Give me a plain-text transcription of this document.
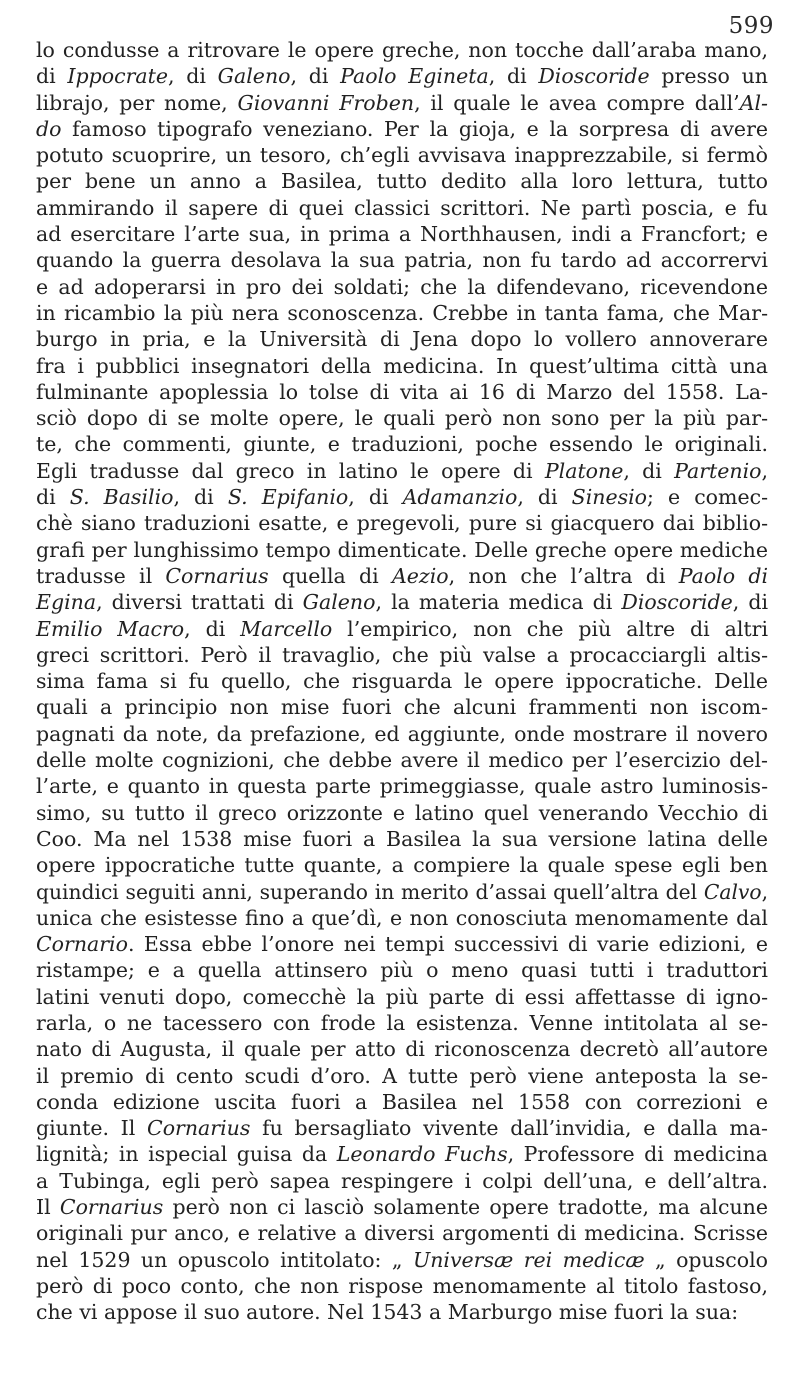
599
lo condusse a ritrovare le opere greche, non tocche dall’araba mano,
di Ippocrate, di Galeno, di Paolo Egineta, di Dioscoride presso un
librajo, per nome, Giovanni Froben, il quale le avea compre dall’Al-
do famoso tipografo veneziano. Per la gioja, e la sorpresa di avere
potuto scuoprire, un tesoro, ch’egli avvisava inapprezzabile, si fermò
per bene un anno a Basilea, tutto dedito alla loro lettura, tutto
ammirando il sapere di quei classici scrittori. Ne partì poscia, e fu
ad esercitare l’arte sua, in prima a Northhausen, indi a Francfort; e
quando la guerra desolava la sua patria, non fu tardo ad accorrervi
e ad adoperarsi in pro dei soldati; che la difendevano, ricevendone
in ricambio la più nera sconoscenza. Crebbe in tanta fama, che Mar-
burgo in pria, e la Università di Jena dopo lo vollero annoverare
fra i pubblici insegnatori della medicina. In quest’ultima città una
fulminante apoplessia lo tolse di vita ai 16 di Marzo del 1558. La-
sciò dopo di se molte opere, le quali però non sono per la più par-
te, che commenti, giunte, e traduzioni, poche essendo le originali.
Egli tradusse dal greco in latino le opere di Platone, di Partenio,
di S. Basilio, di S. Epifanio, di Adamanzio, di Sinesio; e comec-
chè siano traduzioni esatte, e pregevoli, pure si giacquero dai biblio-
grafi per lunghissimo tempo dimenticate. Delle greche opere mediche
tradusse il Cornarius quella di Aezio, non che l’altra di Paolo di
Egina, diversi trattati di Galeno, la materia medica di Dioscoride, di
Emilio Macro, di Marcello l’empirico, non che più altre di altri
greci scrittori. Però il travaglio, che più valse a procacciargli altis-
sima fama si fu quello, che risguarda le opere ippocratiche. Delle
quali a principio non mise fuori che alcuni frammenti non iscom-
pagnati da note, da prefazione, ed aggiunte, onde mostrare il novero
delle molte cognizioni, che debbe avere il medico per l’esercizio del-
l’arte, e quanto in questa parte primeggiasse, quale astro luminosis-
simo, su tutto il greco orizzonte e latino quel venerando Vecchio di
Coo. Ma nel 1538 mise fuori a Basilea la sua versione latina delle
opere ippocratiche tutte quante, a compiere la quale spese egli ben
quindici seguiti anni, superando in merito d’assai quell’altra del Calvo,
unica che esistesse fino a que’dì, e non conosciuta menomamente dal
Cornario. Essa ebbe l’onore nei tempi successivi di varie edizioni, e
ristampe; e a quella attinsero più o meno quasi tutti i traduttori
latini venuti dopo, comecchè la più parte di essi affettasse di igno-
rarla, o ne tacessero con frode la esistenza. Venne intitolata al se-
nato di Augusta, il quale per atto di riconoscenza decretò all’autore
il premio di cento scudi d’oro. A tutte però viene anteposta la se-
conda edizione uscita fuori a Basilea nel 1558 con correzioni e
giunte. Il Cornarius fu bersagliato vivente dall’invidia, e dalla ma-
lignità; in ispecial guisa da Leonardo Fuchs, Professore di medicina
a Tubinga, egli però sapea respingere i colpi dell’una, e dell’altra.
Il Cornarius però non ci lasciò solamente opere tradotte, ma alcune
originali pur anco, e relative a diversi argomenti di medicina. Scrisse
nel 1529 un opuscolo intitolato: „ Universæ rei medicæ „ opuscolo
però di poco conto, che non rispose menomamente al titolo fastoso,
che vi appose il suo autore. Nel 1543 a Marburgo mise fuori la sua:
